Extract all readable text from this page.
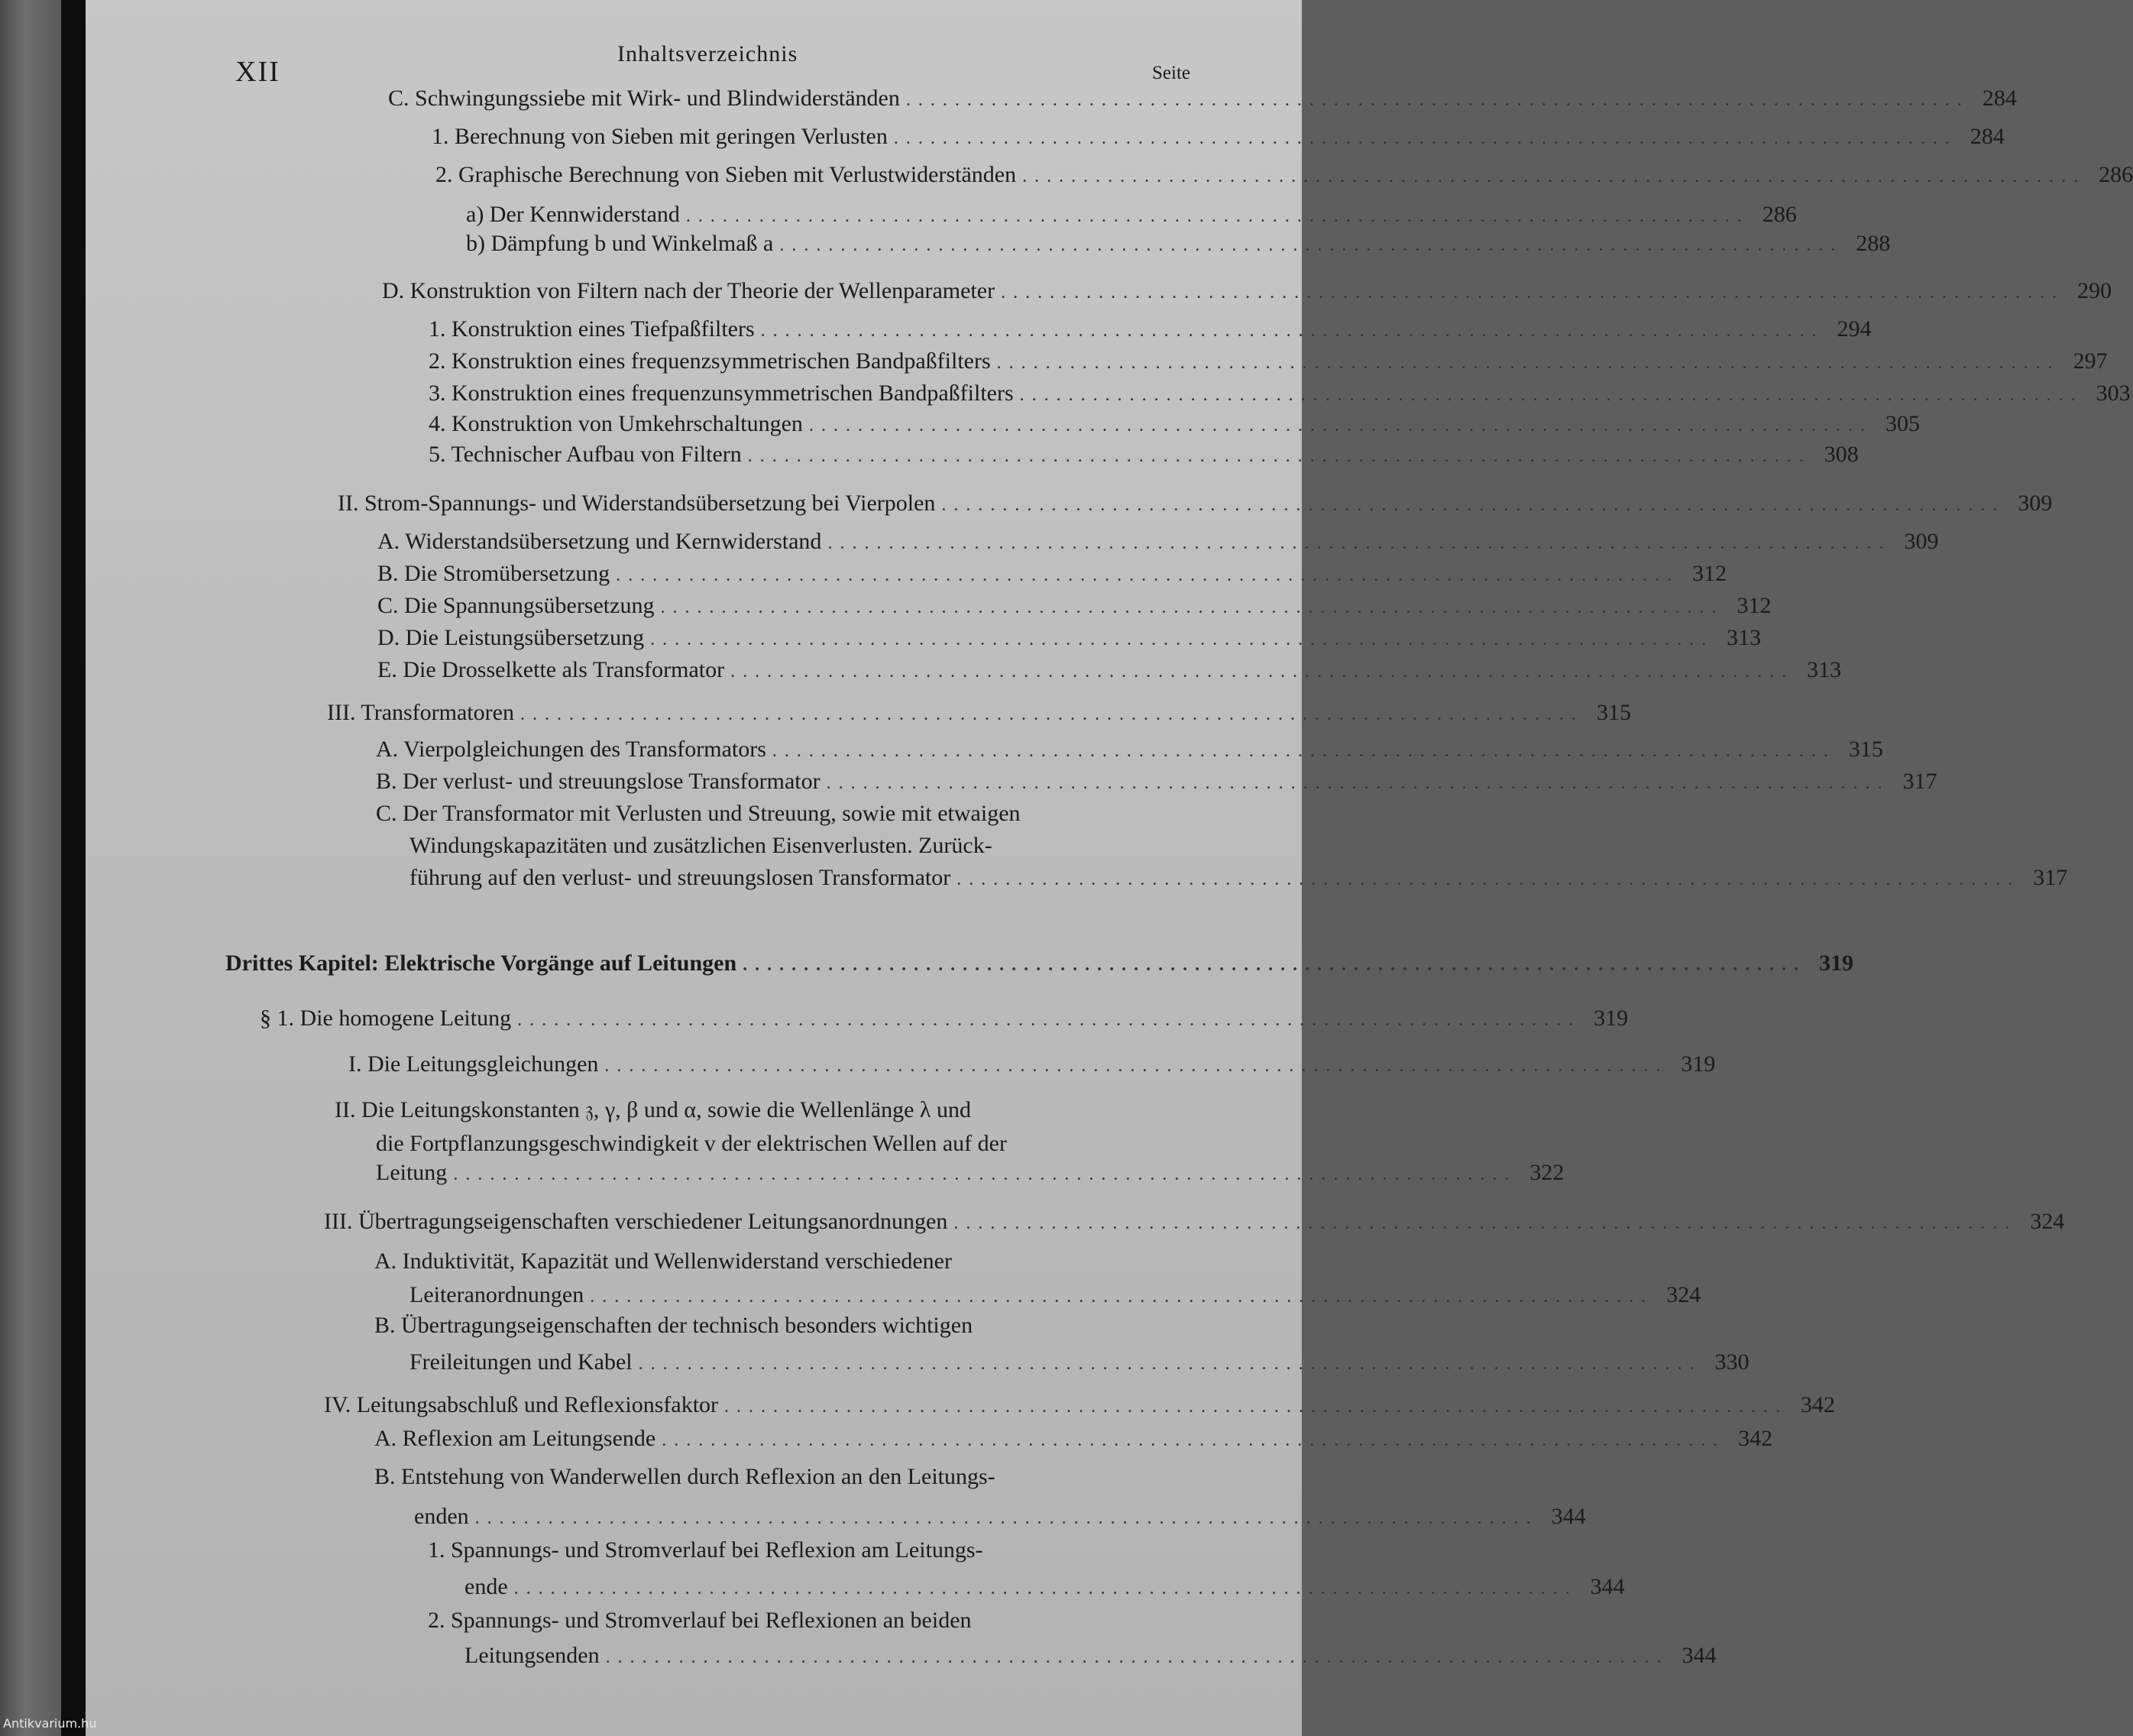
XII
Inhaltsverzeichnis
Seite
C. Schwingungssiebe mit Wirk- und Blindwiderständen ....................................................................................... 284
1. Berechnung von Sieben mit geringen Verlusten ....................................................................................... 284
2. Graphische Berechnung von Sieben mit Verlustwiderständen ....................................................................................... 286
a) Der Kennwiderstand ....................................................................................... 286
b) Dämpfung b und Winkelmaß a ....................................................................................... 288
D. Konstruktion von Filtern nach der Theorie der Wellenparameter ....................................................................................... 290
1. Konstruktion eines Tiefpaßfilters ....................................................................................... 294
2. Konstruktion eines frequenzsymmetrischen Bandpaßfilters ....................................................................................... 297
3. Konstruktion eines frequenzunsymmetrischen Bandpaßfilters ....................................................................................... 303
4. Konstruktion von Umkehrschaltungen ....................................................................................... 305
5. Technischer Aufbau von Filtern ....................................................................................... 308
II. Strom-Spannungs- und Widerstandsübersetzung bei Vierpolen ....................................................................................... 309
A. Widerstandsübersetzung und Kernwiderstand ....................................................................................... 309
B. Die Stromübersetzung ....................................................................................... 312
C. Die Spannungsübersetzung ....................................................................................... 312
D. Die Leistungsübersetzung ....................................................................................... 313
E. Die Drosselkette als Transformator ....................................................................................... 313
III. Transformatoren ....................................................................................... 315
A. Vierpolgleichungen des Transformators ....................................................................................... 315
B. Der verlust- und streuungslose Transformator ....................................................................................... 317
C. Der Transformator mit Verlusten und Streuung, sowie mit etwaigen
Windungskapazitäten und zusätzlichen Eisenverlusten. Zurück-
führung auf den verlust- und streuungslosen Transformator ....................................................................................... 317
Drittes Kapitel: Elektrische Vorgänge auf Leitungen ....................................................................................... 319
§ 1. Die homogene Leitung ....................................................................................... 319
I. Die Leitungsgleichungen ....................................................................................... 319
II. Die Leitungskonstanten 𝔷, γ, β und α, sowie die Wellenlänge λ und
die Fortpflanzungsgeschwindigkeit v der elektrischen Wellen auf der
Leitung ....................................................................................... 322
III. Übertragungseigenschaften verschiedener Leitungsanordnungen ....................................................................................... 324
A. Induktivität, Kapazität und Wellenwiderstand verschiedener
Leiteranordnungen ....................................................................................... 324
B. Übertragungseigenschaften der technisch besonders wichtigen
Freileitungen und Kabel ....................................................................................... 330
IV. Leitungsabschluß und Reflexionsfaktor ....................................................................................... 342
A. Reflexion am Leitungsende ....................................................................................... 342
B. Entstehung von Wanderwellen durch Reflexion an den Leitungs-
enden ....................................................................................... 344
1. Spannungs- und Stromverlauf bei Reflexion am Leitungs-
ende ....................................................................................... 344
2. Spannungs- und Stromverlauf bei Reflexionen an beiden
Leitungsenden ....................................................................................... 344
Antikvarium.hu
